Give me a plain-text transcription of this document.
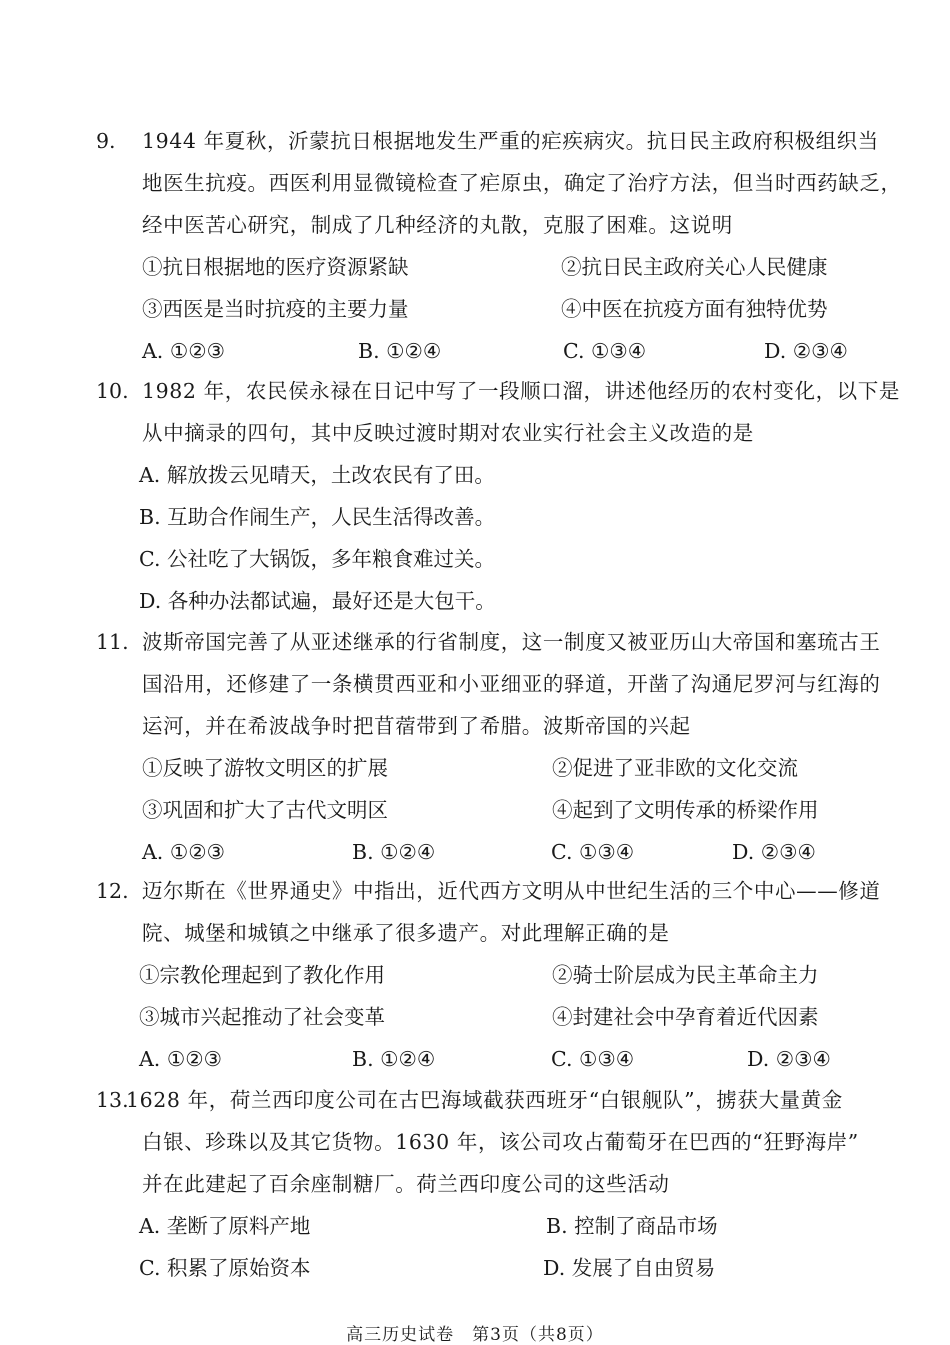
9. 1944 年夏秋，沂蒙抗日根据地发生严重的疟疾病灾。抗日民主政府积极组织当
地医生抗疫。西医利用显微镜检查了疟原虫，确定了治疗方法，但当时西药缺乏，
经中医苦心研究，制成了几种经济的丸散，克服了困难。这说明
①抗日根据地的医疗资源紧缺	②抗日民主政府关心人民健康
③西医是当时抗疫的主要力量	④中医在抗疫方面有独特优势
A. ①②③	B. ①②④	C. ①③④	D. ②③④
10. 1982 年，农民侯永禄在日记中写了一段顺口溜，讲述他经历的农村变化，以下是
从中摘录的四句，其中反映过渡时期对农业实行社会主义改造的是
A. 解放拨云见晴天，土改农民有了田。
B. 互助合作闹生产，人民生活得改善。
C. 公社吃了大锅饭，多年粮食难过关。
D. 各种办法都试遍，最好还是大包干。
11. 波斯帝国完善了从亚述继承的行省制度，这一制度又被亚历山大帝国和塞琉古王
国沿用，还修建了一条横贯西亚和小亚细亚的驿道，开凿了沟通尼罗河与红海的
运河，并在希波战争时把苜蓿带到了希腊。波斯帝国的兴起
①反映了游牧文明区的扩展	②促进了亚非欧的文化交流
③巩固和扩大了古代文明区	④起到了文明传承的桥梁作用
A. ①②③	B. ①②④	C. ①③④	D. ②③④
12. 迈尔斯在《世界通史》中指出，近代西方文明从中世纪生活的三个中心——修道
院、城堡和城镇之中继承了很多遗产。对此理解正确的是
①宗教伦理起到了教化作用	②骑士阶层成为民主革命主力
③城市兴起推动了社会变革	④封建社会中孕育着近代因素
A. ①②③	B. ①②④	C. ①③④	D. ②③④
13.
1628 年，荷兰西印度公司在古巴海域截获西班牙“白银舰队”，掳获大量黄金
白银、珍珠以及其它货物。1630 年，该公司攻占葡萄牙在巴西的“狂野海岸”
并在此建起了百余座制糖厂。荷兰西印度公司的这些活动
A. 垄断了原料产地	B. 控制了商品市场
C. 积累了原始资本	D. 发展了自由贸易
高三历史试卷　第3页（共8页）
